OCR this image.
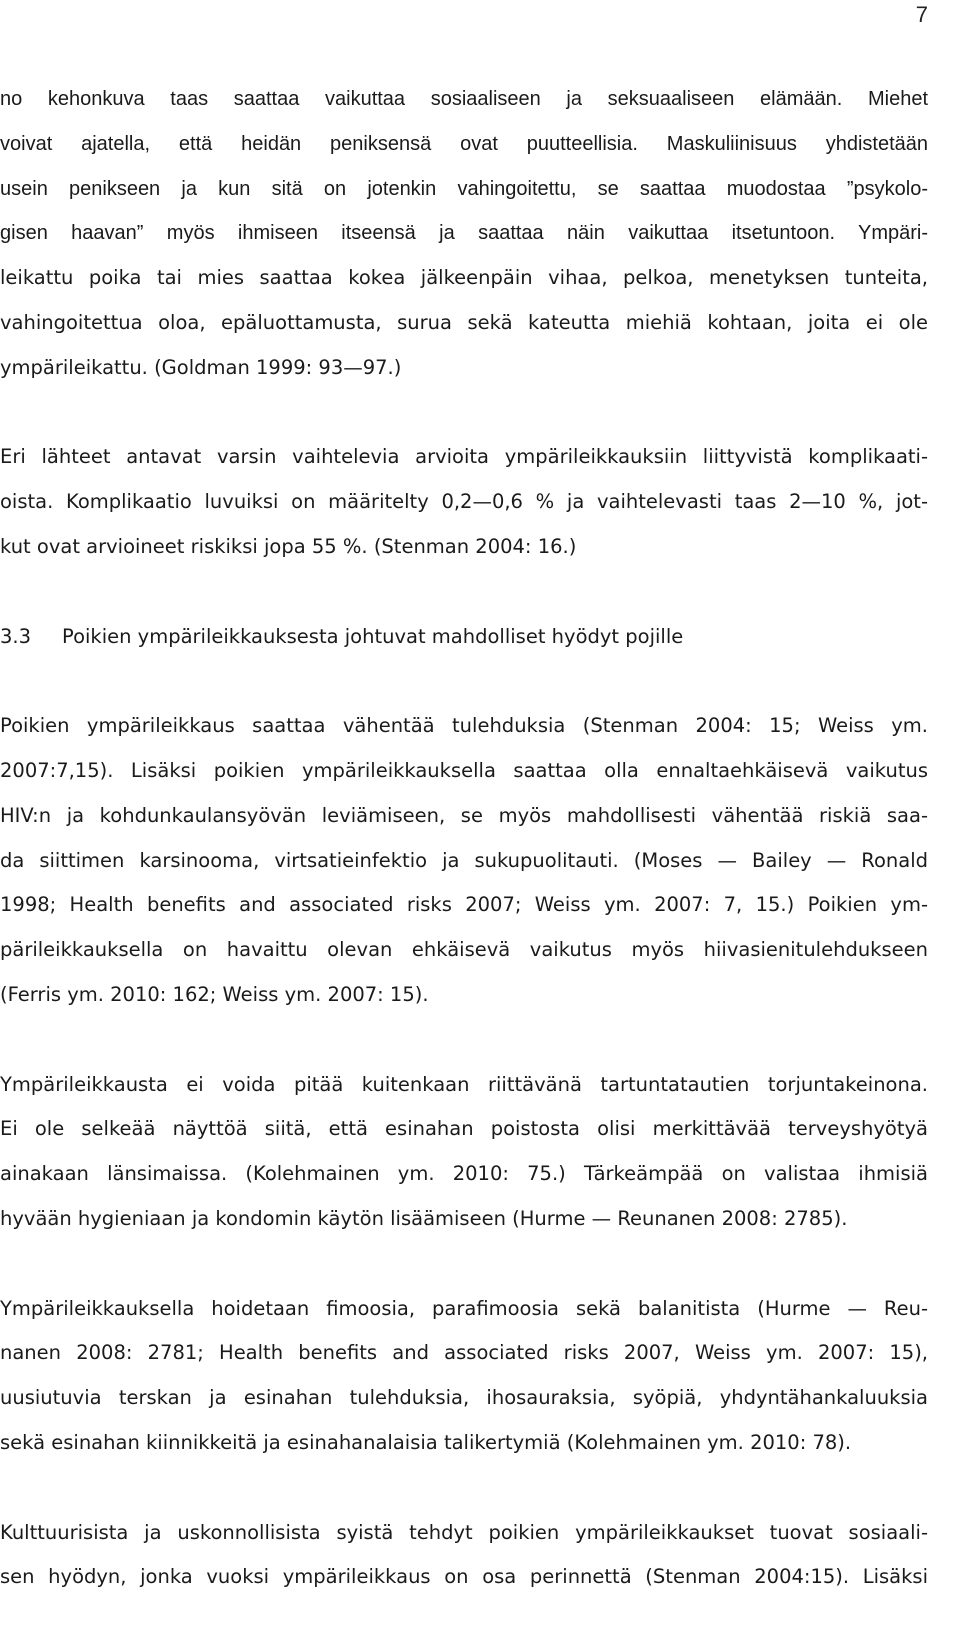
7
no kehonkuva taas saattaa vaikuttaa sosiaaliseen ja seksuaaliseen elämään. Miehet
voivat ajatella, että heidän peniksensä ovat puutteellisia. Maskuliinisuus yhdistetään
usein penikseen ja kun sitä on jotenkin vahingoitettu, se saattaa muodostaa ”psykolo-
gisen haavan” myös ihmiseen itseensä ja saattaa näin vaikuttaa itsetuntoon. Ympäri-
leikattu poika tai mies saattaa kokea jälkeenpäin vihaa, pelkoa, menetyksen tunteita,
vahingoitettua oloa, epäluottamusta, surua sekä kateutta miehiä kohtaan, joita ei ole
ympärileikattu. (Goldman 1999: 93—97.)
Eri lähteet antavat varsin vaihtelevia arvioita ympärileikkauksiin liittyvistä komplikaati-
oista. Komplikaatio luvuiksi on määritelty 0,2—0,6 % ja vaihtelevasti taas 2—10 %, jot-
kut ovat arvioineet riskiksi jopa 55 %. (Stenman 2004: 16.)
3.3	Poikien ympärileikkauksesta johtuvat mahdolliset hyödyt pojille
Poikien ympärileikkaus saattaa vähentää tulehduksia (Stenman 2004: 15; Weiss ym.
2007:7,15). Lisäksi poikien ympärileikkauksella saattaa olla ennaltaehkäisevä vaikutus
HIV:n ja kohdunkaulansyövän leviämiseen, se myös mahdollisesti vähentää riskiä saa-
da siittimen karsinooma, virtsatieinfektio ja sukupuolitauti. (Moses — Bailey — Ronald
1998; Health benefits and associated risks 2007; Weiss ym. 2007: 7, 15.) Poikien ym-
pärileikkauksella on havaittu olevan ehkäisevä vaikutus myös hiivasienitulehdukseen
(Ferris ym. 2010: 162; Weiss ym. 2007: 15).
Ympärileikkausta ei voida pitää kuitenkaan riittävänä tartuntatautien torjuntakeinona.
Ei ole selkeää näyttöä siitä, että esinahan poistosta olisi merkittävää terveyshyötyä
ainakaan länsimaissa. (Kolehmainen ym. 2010: 75.) Tärkeämpää on valistaa ihmisiä
hyvään hygieniaan ja kondomin käytön lisäämiseen (Hurme — Reunanen 2008: 2785).
Ympärileikkauksella hoidetaan fimoosia, parafimoosia sekä balanitista (Hurme — Reu-
nanen 2008: 2781; Health benefits and associated risks 2007, Weiss ym. 2007: 15),
uusiutuvia terskan ja esinahan tulehduksia, ihosauraksia, syöpiä, yhdyntähankaluuksia
sekä esinahan kiinnikkeitä ja esinahanalaisia talikertymiä (Kolehmainen ym. 2010: 78).
Kulttuurisista ja uskonnollisista syistä tehdyt poikien ympärileikkaukset tuovat sosiaali-
sen hyödyn, jonka vuoksi ympärileikkaus on osa perinnettä (Stenman 2004:15). Lisäksi
